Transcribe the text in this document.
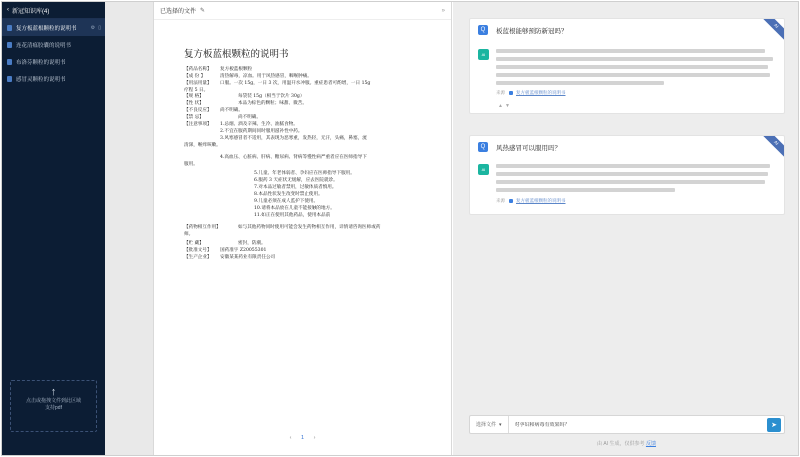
‹ 新冠知识库(4)
复方板蓝根颗粒的说明书	⚙ ▯
连花清瘟胶囊的说明书
布洛芬颗粒的说明书
感冒灵颗粒的说明书
↑
点击或拖拽文件到此区域
支持pdf
已选择的文件 ✎	»
复方板蓝根颗粒的说明书
【药品名称】 复方板蓝根颗粒
【成 份 】	清热解毒，凉血。用于风热感冒，咽喉肿痛。
【用法用量】 口服。一次 15g，一日 3 次，用温开水冲服。重症患者可酌增，一日 15g
疗程 5 日。
【规 格】	每袋装 15g（相当于饮片 30g）
【性 状】	本品为棕色的颗粒；味甜、微苦。
【不良反应】 尚不明确。
【禁 忌】	尚不明确。
【注意事项】 1.忌烟、酒及辛辣、生冷、油腻食物。
2.不宜在服药期间同时服用滋补性中药。
3.风寒感冒者不适用，其表现为恶寒重，发热轻，无汗，头痛，鼻塞，流
清涕，喉痒咳嗽。
4.高血压、心脏病、肝病、糖尿病、肾病等慢性病严重者应在医师指导下
服用。
5.儿童、年老体弱者、孕妇应在医师指导下服用。
6.服药 3 天症状无缓解，应去医院就诊。
7.对本品过敏者禁用，过敏体质者慎用。
8.本品性状发生改变时禁止使用。
9.儿童必须在成人监护下使用。
10.请将本品放在儿童不能接触的地方。
11.如正在使用其他药品，使用本品前
【药物相互作用】	如与其他药物同时使用可能会发生药物相互作用，详情请咨询医师或药
师。
【贮 藏】	密封，防潮。
【批准文号】 国药准字 Z20055301
【生产企业】 安徽某某药业有限责任公司
‹ 1 ›
AI
Q	板蓝根能够预防新冠吗？
AI
来源 复方板蓝根颗粒的说明书
▲▼
AI
Q	风热感冒可以服用吗？
AI
来源 复方板蓝根颗粒的说明书
选择文件 ▾
对孕妇和病毒有效果吗？	➤
由 AI 生成，仅供参考 反馈
